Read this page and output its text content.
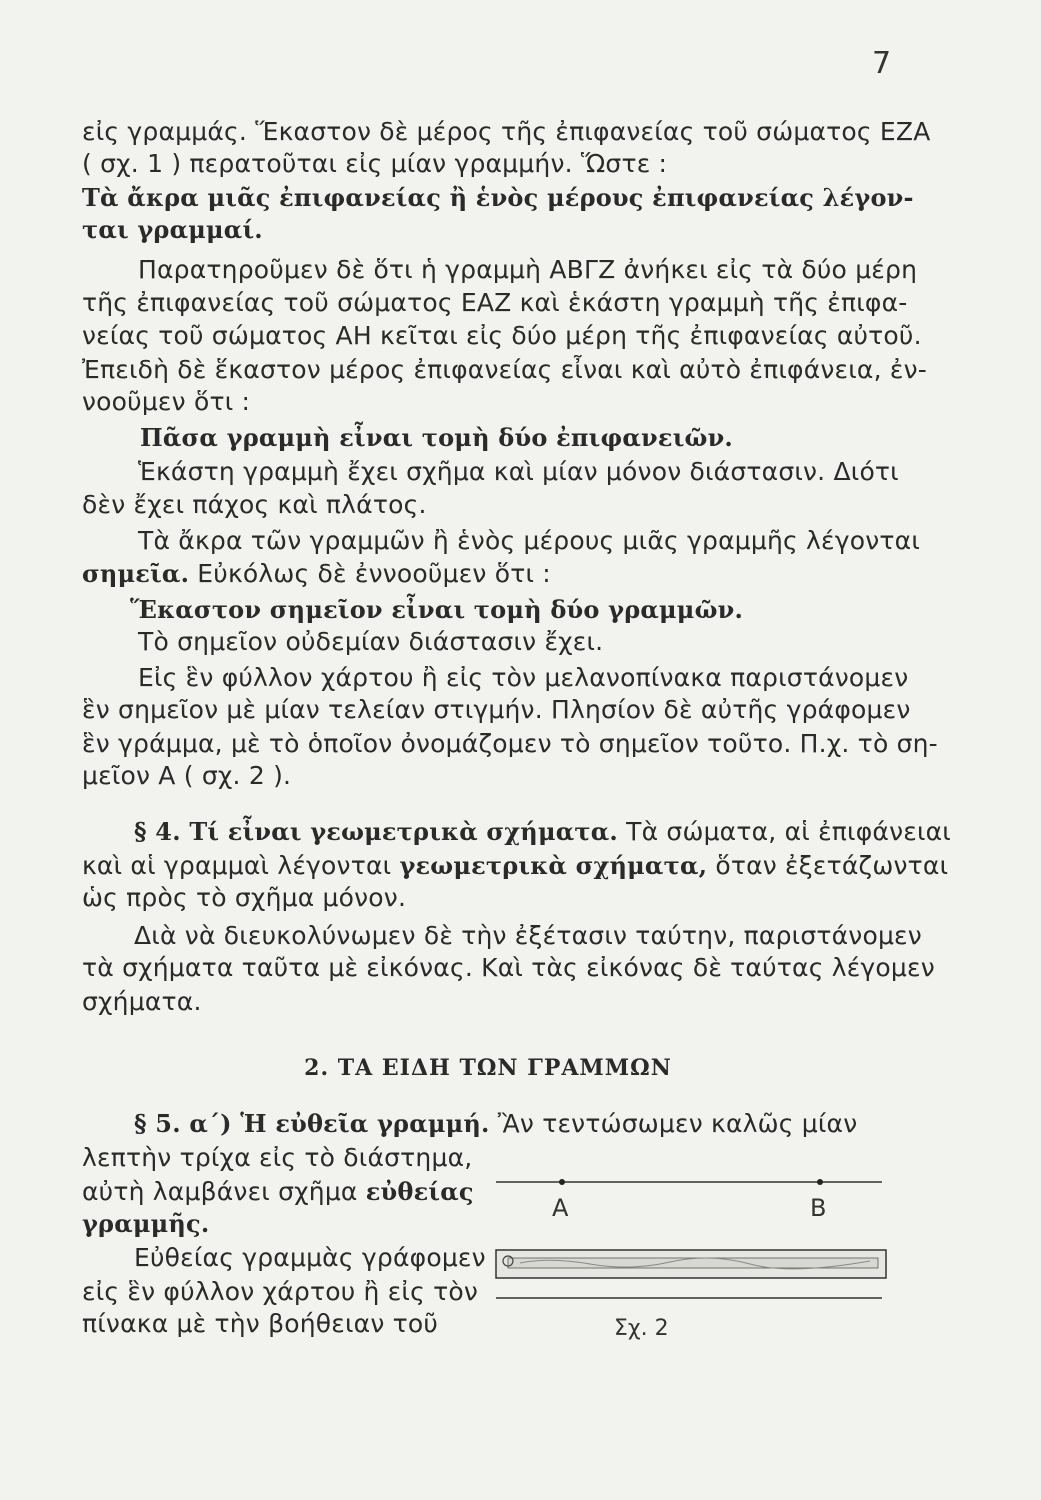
7
εἰς γραμμάς. Ἕκαστον δὲ μέρος τῆς ἐπιφανείας τοῦ σώματος ΕΖΑ
( σχ. 1 ) περατοῦται εἰς μίαν γραμμήν. Ὥστε :
Τὰ ἄκρα μιᾶς ἐπιφανείας ἢ ἑνὸς μέρους ἐπιφανείας λέγον-
ται γραμμαί.
Παρατηροῦμεν δὲ ὅτι ἡ γραμμὴ ΑΒΓΖ ἀνήκει εἰς τὰ δύο μέρη
τῆς ἐπιφανείας τοῦ σώματος ΕΑΖ καὶ ἑκάστη γραμμὴ τῆς ἐπιφα-
νείας τοῦ σώματος ΑΗ κεῖται εἰς δύο μέρη τῆς ἐπιφανείας αὐτοῦ.
Ἐπειδὴ δὲ ἕκαστον μέρος ἐπιφανείας εἶναι καὶ αὐτὸ ἐπιφάνεια, ἐν-
νοοῦμεν ὅτι :
Πᾶσα γραμμὴ εἶναι τομὴ δύο ἐπιφανειῶν.
Ἑκάστη γραμμὴ ἔχει σχῆμα καὶ μίαν μόνον διάστασιν. Διότι
δὲν ἔχει πάχος καὶ πλάτος.
Τὰ ἄκρα τῶν γραμμῶν ἢ ἑνὸς μέρους μιᾶς γραμμῆς λέγονται
σημεῖα. Εὐκόλως δὲ ἐννοοῦμεν ὅτι :
Ἕκαστον σημεῖον εἶναι τομὴ δύο γραμμῶν.
Τὸ σημεῖον οὐδεμίαν διάστασιν ἔχει.
Εἰς ἓν φύλλον χάρτου ἢ εἰς τὸν μελανοπίνακα παριστάνομεν
ἓν σημεῖον μὲ μίαν τελείαν στιγμήν. Πλησίον δὲ αὐτῆς γράφομεν
ἓν γράμμα, μὲ τὸ ὁποῖον ὀνομάζομεν τὸ σημεῖον τοῦτο. Π.χ. τὸ ση-
μεῖον Α ( σχ. 2 ).
§ 4. Τί εἶναι γεωμετρικὰ σχήματα. Τὰ σώματα, αἱ ἐπιφάνειαι
καὶ αἱ γραμμαὶ λέγονται γεωμετρικὰ σχήματα, ὅταν ἐξετάζωνται
ὡς πρὸς τὸ σχῆμα μόνον.
Διὰ νὰ διευκολύνωμεν δὲ τὴν ἐξέτασιν ταύτην, παριστάνομεν
τὰ σχήματα ταῦτα μὲ εἰκόνας. Καὶ τὰς εἰκόνας δὲ ταύτας λέγομεν
σχήματα.
2. ΤΑ ΕΙΔΗ ΤΩΝ ΓΡΑΜΜΩΝ
§ 5. α΄) Ἡ εὐθεῖα γραμμή. Ἂν τεντώσωμεν καλῶς μίαν
λεπτὴν τρίχα εἰς τὸ διάστημα,
αὐτὴ λαμβάνει σχῆμα εὐθείας
γραμμῆς.
Εὐθείας γραμμὰς γράφομεν
εἰς ἓν φύλλον χάρτου ἢ εἰς τὸν
πίνακα μὲ τὴν βοήθειαν τοῦ
Α	Β
Σχ. 2
